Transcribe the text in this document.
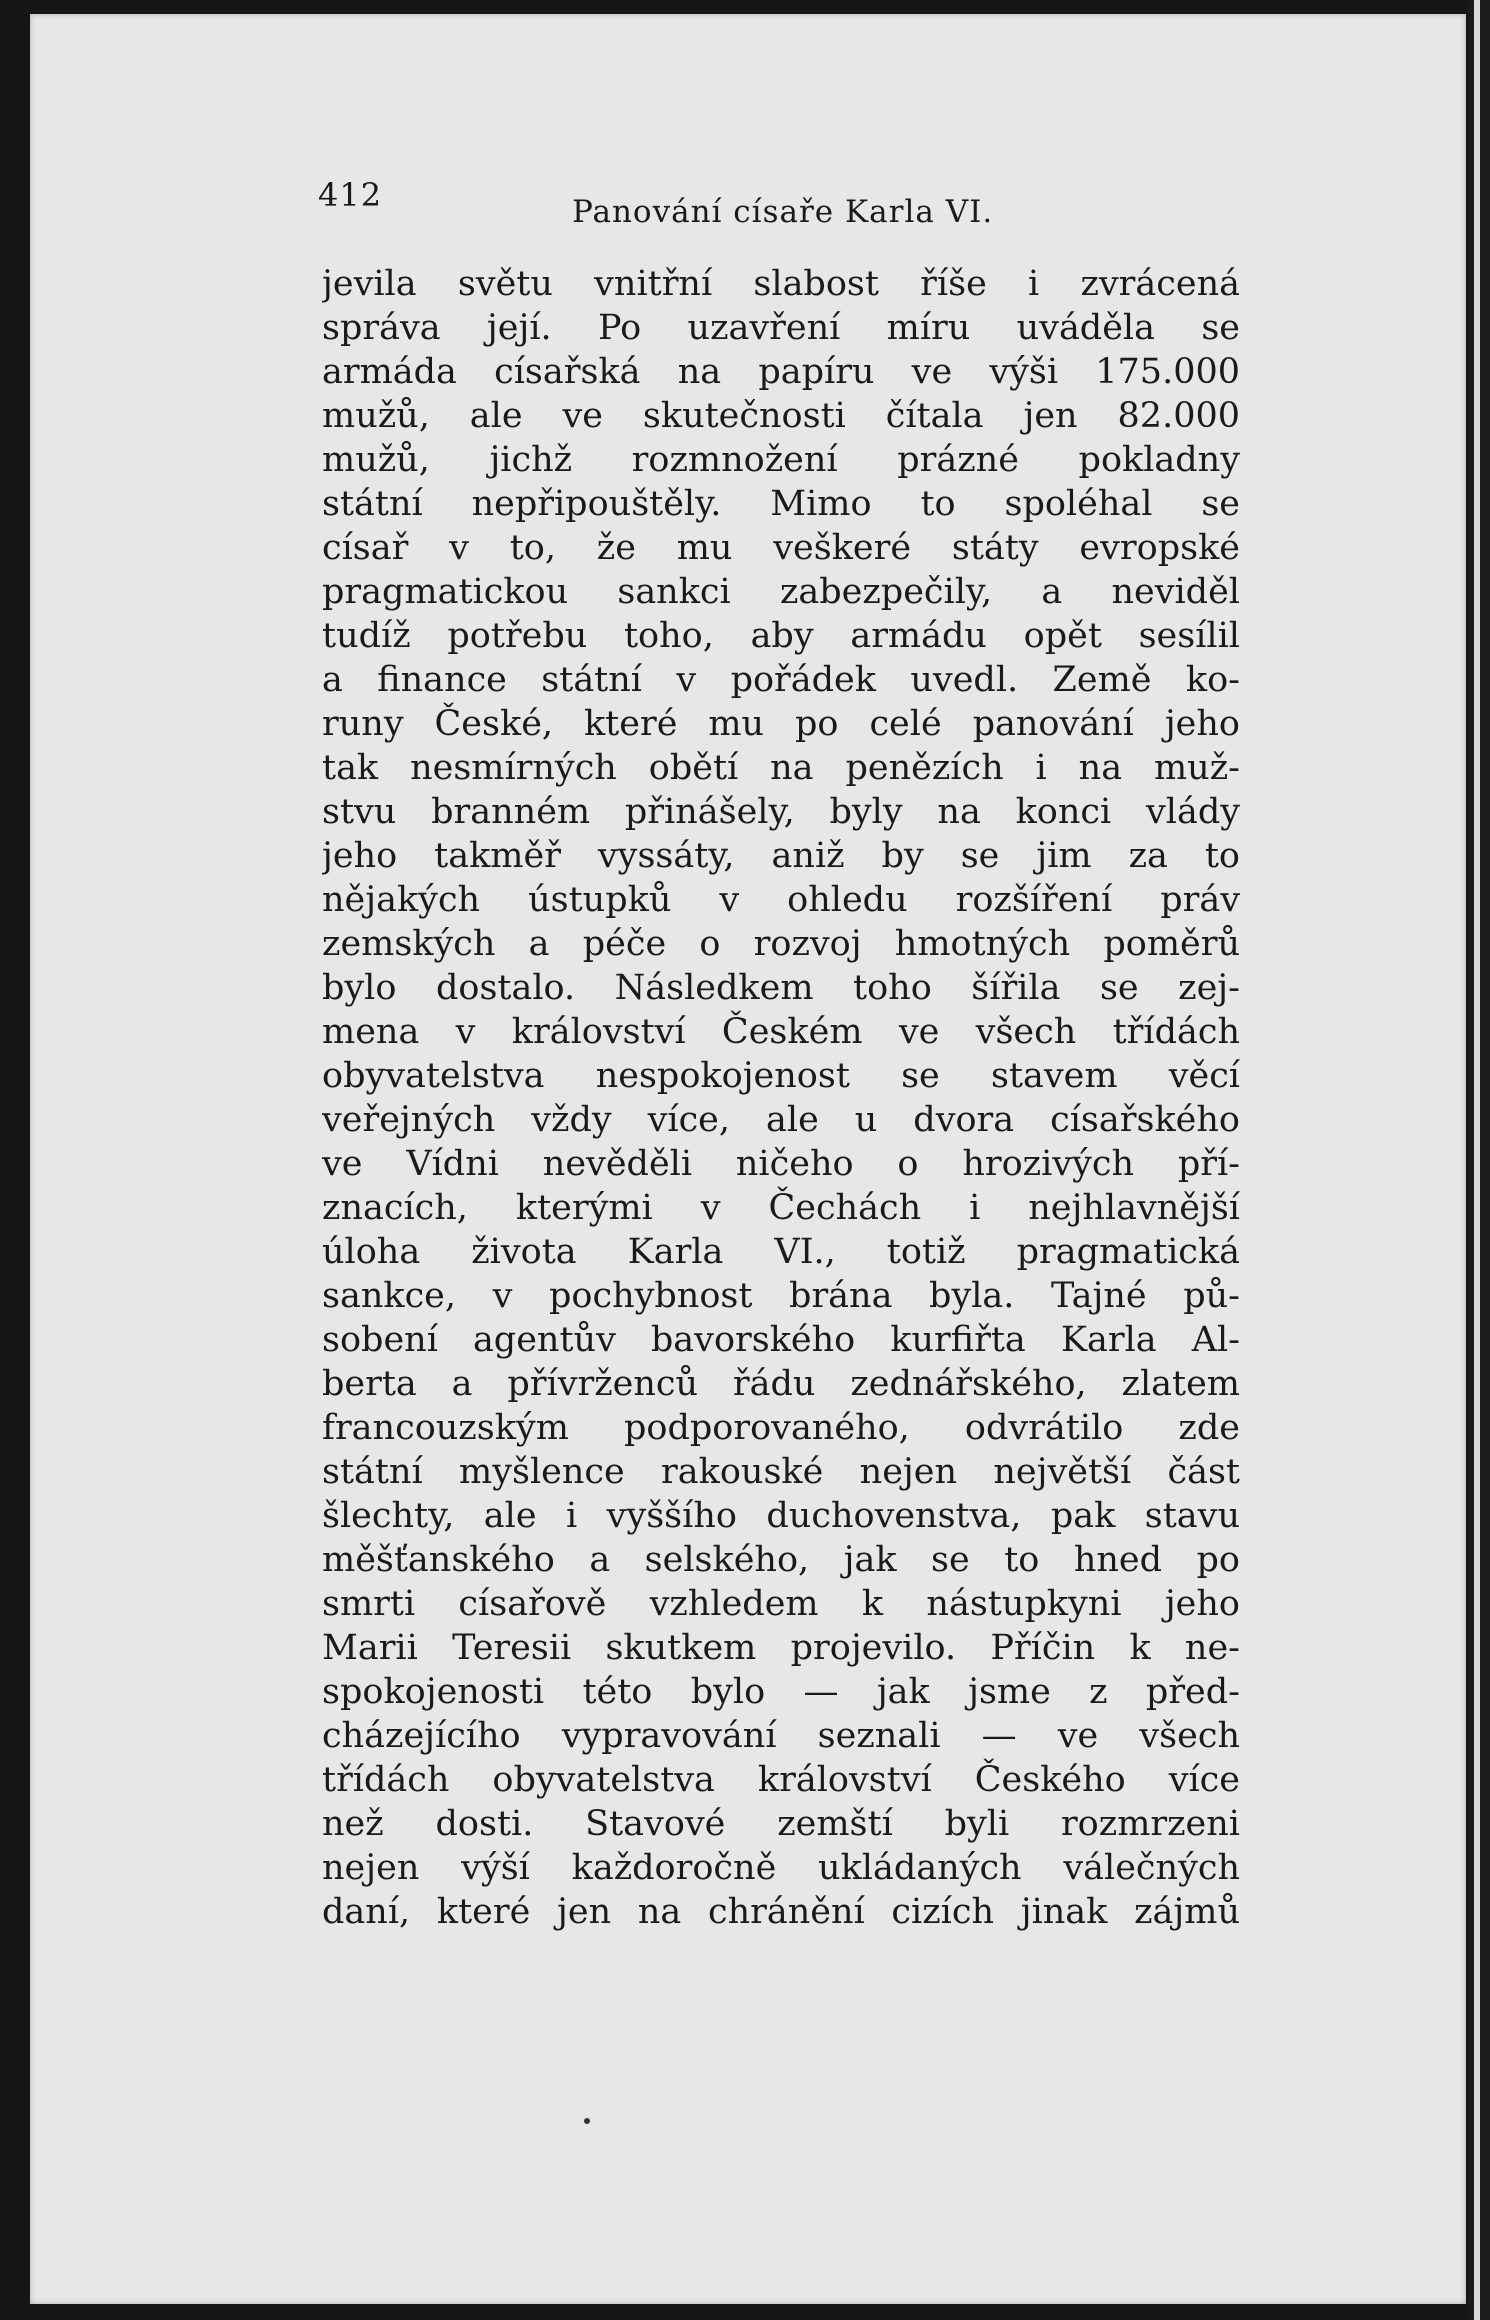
412	Panování císaře Karla VI.
jevila světu vnitřní slabost říše i zvrácená
správa její. Po uzavření míru uváděla se
armáda císařská na papíru ve výši 175.000
mužů, ale ve skutečnosti čítala jen 82.000
mužů, jichž rozmnožení prázné pokladny
státní nepřipouštěly. Mimo to spoléhal se
císař v to, že mu veškeré státy evropské
pragmatickou sankci zabezpečily, a neviděl
tudíž potřebu toho, aby armádu opět sesílil
a finance státní v pořádek uvedl. Země ko-
runy České, které mu po celé panování jeho
tak nesmírných obětí na penězích i na muž-
stvu branném přinášely, byly na konci vlády
jeho takměř vyssáty, aniž by se jim za to
nějakých ústupků v ohledu rozšíření práv
zemských a péče o rozvoj hmotných poměrů
bylo dostalo. Následkem toho šířila se zej-
mena v království Českém ve všech třídách
obyvatelstva nespokojenost se stavem věcí
veřejných vždy více, ale u dvora císařského
ve Vídni nevěděli ničeho o hrozivých pří-
znacích, kterými v Čechách i nejhlavnější
úloha života Karla VI., totiž pragmatická
sankce, v pochybnost brána byla. Tajné pů-
sobení agentův bavorského kurfiřta Karla Al-
berta a přívrženců řádu zednářského, zlatem
francouzským podporovaného, odvrátilo zde
státní myšlence rakouské nejen největší část
šlechty, ale i vyššího duchovenstva, pak stavu
měšťanského a selského, jak se to hned po
smrti císařově vzhledem k nástupkyni jeho
Marii Teresii skutkem projevilo. Příčin k ne-
spokojenosti této bylo — jak jsme z před-
cházejícího vypravování seznali — ve všech
třídách obyvatelstva království Českého více
než dosti. Stavové zemští byli rozmrzeni
nejen výší každoročně ukládaných válečných
daní, které jen na chránění cizích jinak zájmů
